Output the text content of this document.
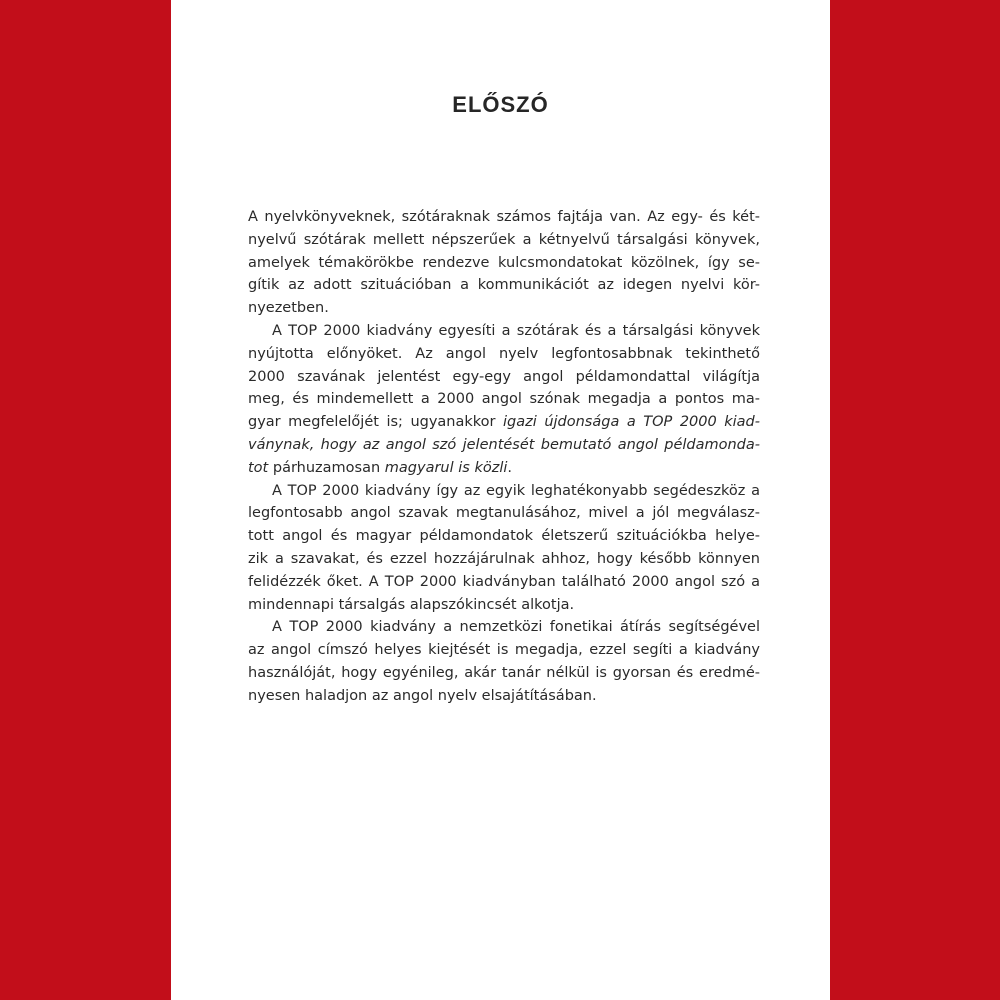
ELŐSZÓ
A nyelvkönyveknek, szótáraknak számos fajtája van. Az egy- és két-
nyelvű szótárak mellett népszerűek a kétnyelvű társalgási könyvek,
amelyek témakörökbe rendezve kulcsmondatokat közölnek, így se-
gítik az adott szituációban a kommunikációt az idegen nyelvi kör-
nyezetben.
A TOP 2000 kiadvány egyesíti a szótárak és a társalgási könyvek
nyújtotta előnyöket. Az angol nyelv legfontosabbnak tekinthető
2000 szavának jelentést egy-egy angol példamondattal világítja
meg, és mindemellett a 2000 angol szónak megadja a pontos ma-
gyar megfelelőjét is; ugyanakkor igazi újdonsága a TOP 2000 kiad-
ványnak, hogy az angol szó jelentését bemutató angol példamonda-
tot párhuzamosan magyarul is közli.
A TOP 2000 kiadvány így az egyik leghatékonyabb segédeszköz a
legfontosabb angol szavak megtanulásához, mivel a jól megválasz-
tott angol és magyar példamondatok életszerű szituációkba helye-
zik a szavakat, és ezzel hozzájárulnak ahhoz, hogy később könnyen
felidézzék őket. A TOP 2000 kiadványban található 2000 angol szó a
mindennapi társalgás alapszókincsét alkotja.
A TOP 2000 kiadvány a nemzetközi fonetikai átírás segítségével
az angol címszó helyes kiejtését is megadja, ezzel segíti a kiadvány
használóját, hogy egyénileg, akár tanár nélkül is gyorsan és eredmé-
nyesen haladjon az angol nyelv elsajátításában.
